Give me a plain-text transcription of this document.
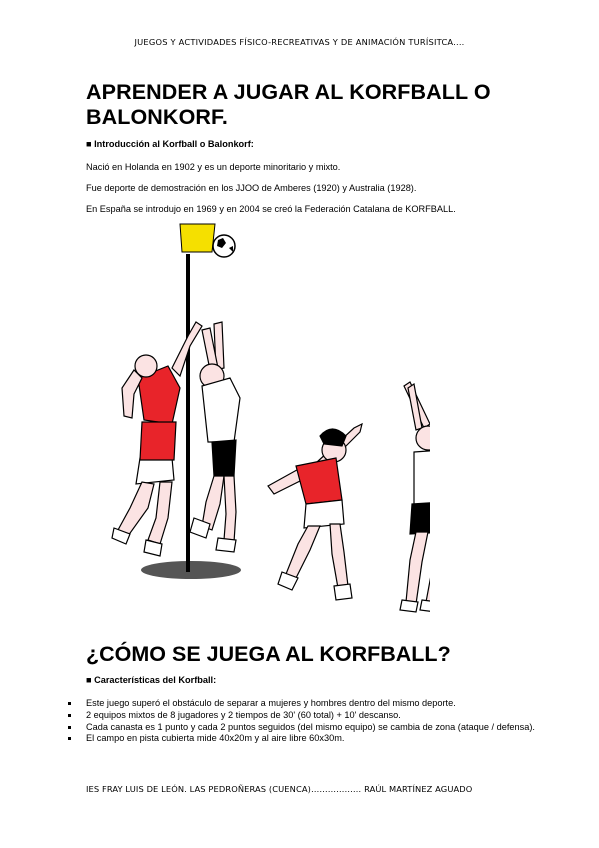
JUEGOS Y ACTIVIDADES FÍSICO-RECREATIVAS Y DE ANIMACIÓN TURÍSITCA....
APRENDER A JUGAR AL KORFBALL O
BALONKORF.
■ Introducción al Korfball o Balonkorf:
Nació en Holanda en 1902 y es un deporte minoritario y mixto.
Fue deporte de demostración en los JJOO de Amberes (1920) y Australia (1928).
En España se introdujo en 1969 y en 2004 se creó la Federación Catalana de KORFBALL.
¿CÓMO SE JUEGA AL KORFBALL?
■ Características del Korfball:
Este juego superó el obstáculo de separar a mujeres y hombres dentro del mismo deporte.
2 equipos mixtos de 8 jugadores y 2 tiempos de 30' (60 total) + 10' descanso.
Cada canasta es 1 punto y cada 2 puntos seguidos (del mismo equipo) se cambia de zona (ataque / defensa).
El campo en pista cubierta mide 40x20m y al aire libre 60x30m.
IES FRAY LUIS DE LEÓN. LAS PEDROÑERAS (CUENCA)……………… RAÚL MARTÍNEZ AGUADO
